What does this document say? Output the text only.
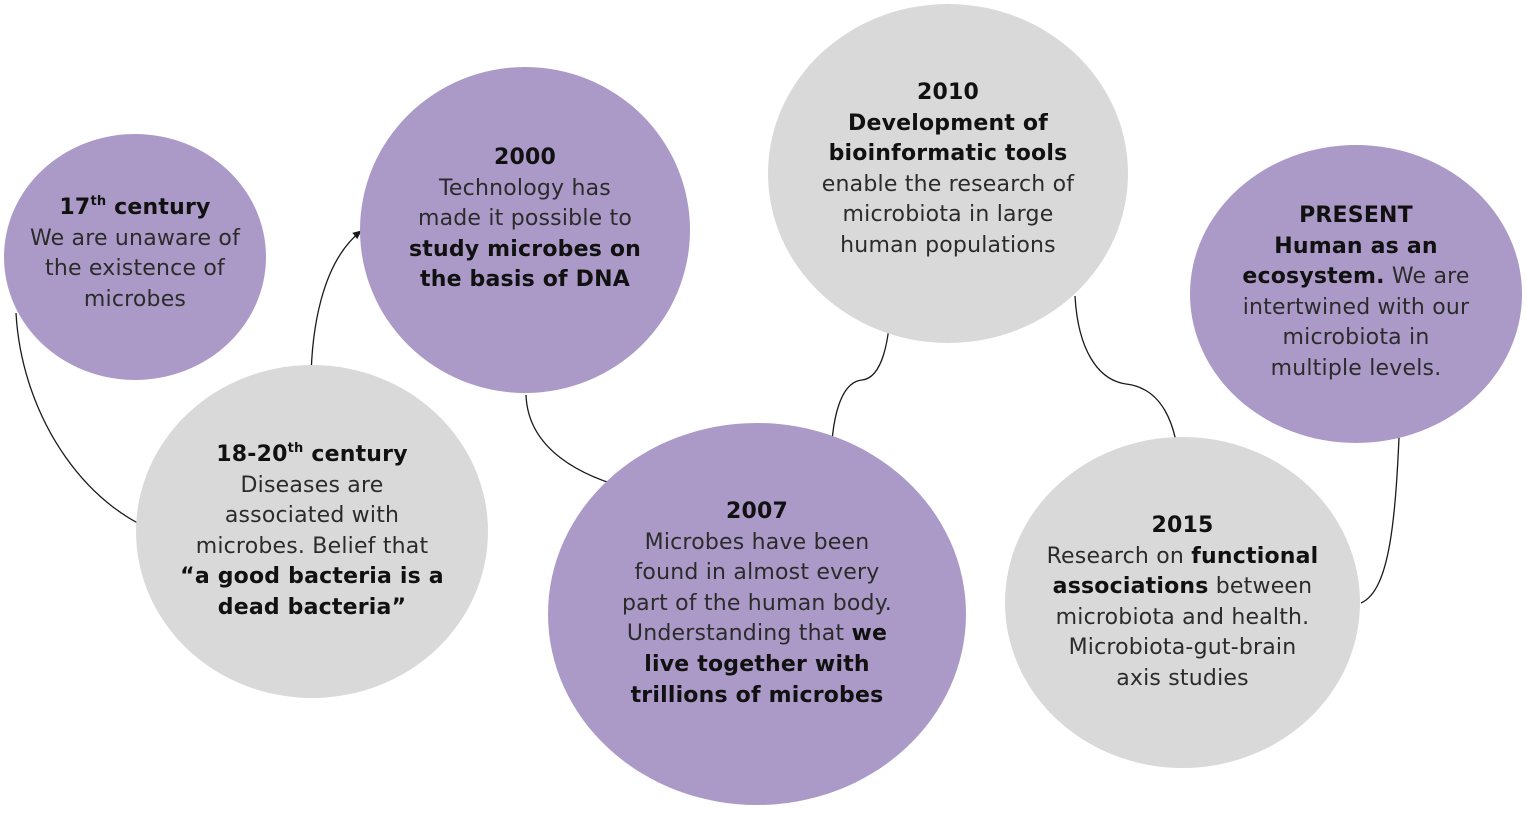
17th century
We are unaware of
the existence of
microbes
18-20th century
Diseases are
associated with
microbes. Belief that
“a good bacteria is a
dead bacteria”
2000
Technology has
made it possible to
study microbes on
the basis of DNA
2007
Microbes have been
found in almost every
part of the human body.
Understanding that we
live together with
trillions of microbes
2010
Development of
bioinformatic tools
enable the research of
microbiota in large
human populations
2015
Research on functional
associations between
microbiota and health.
Microbiota-gut-brain
axis studies
PRESENT
Human as an
ecosystem. We are
intertwined with our
microbiota in
multiple levels.
